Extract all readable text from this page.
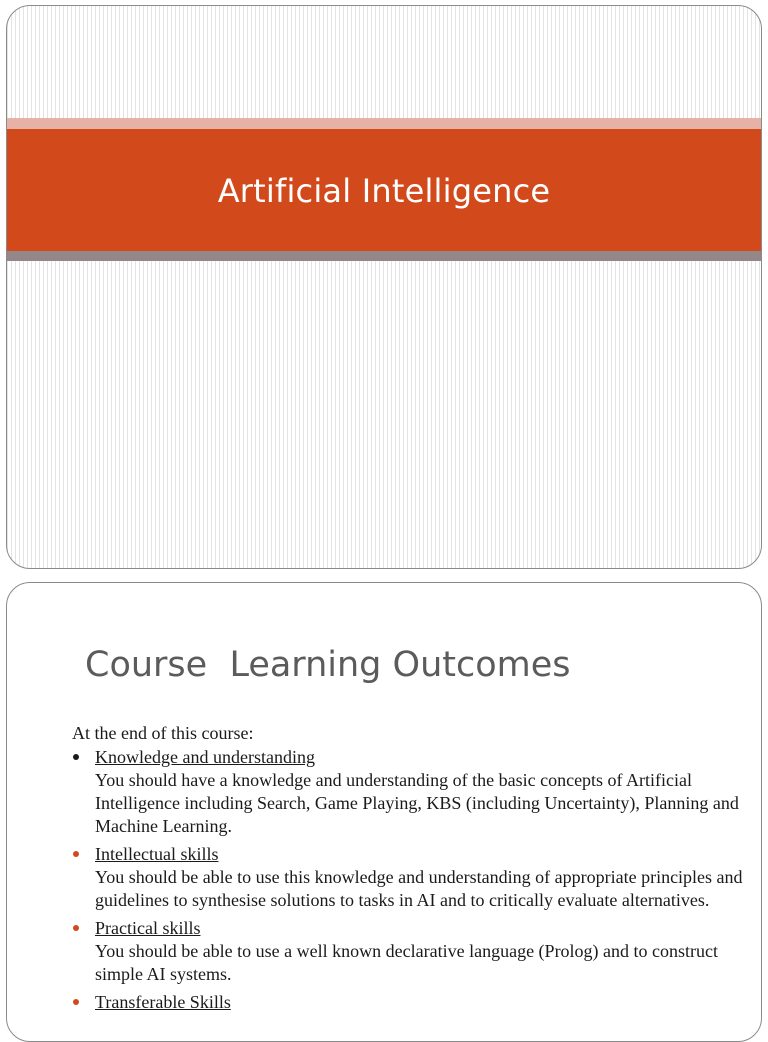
Artificial Intelligence
Course  Learning Outcomes
At the end of this course:
Knowledge and understanding
You should have a knowledge and understanding of the basic concepts of Artificial Intelligence including Search, Game Playing, KBS (including Uncertainty), Planning and Machine Learning.
Intellectual skills
You should be able to use this knowledge and understanding of appropriate principles and guidelines to synthesise solutions to tasks in AI and to critically evaluate alternatives.
Practical skills
You should be able to use a well known declarative language (Prolog) and to construct simple AI systems.
Transferable Skills
